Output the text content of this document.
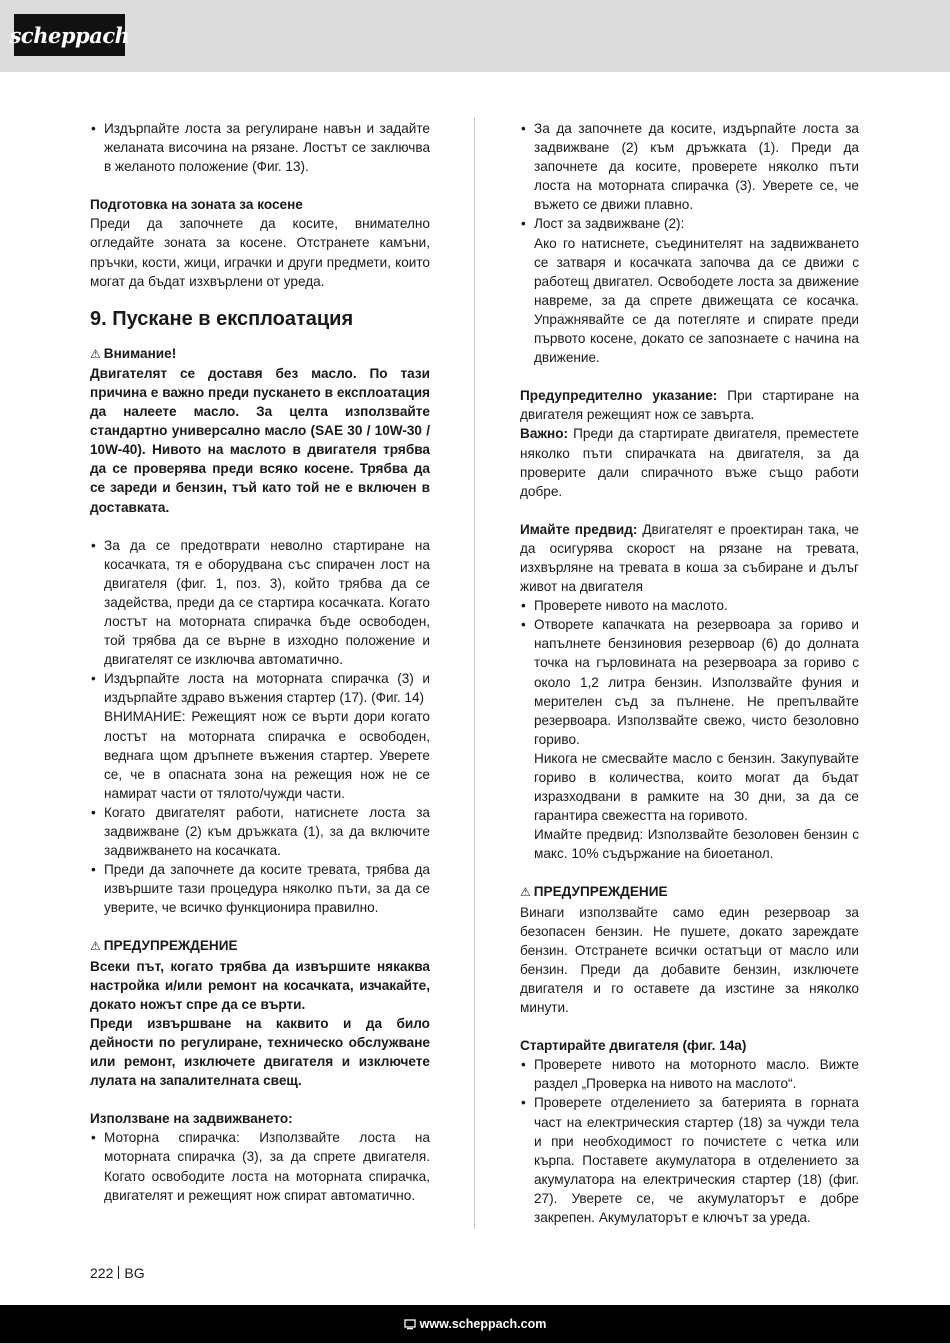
scheppach
• Издърпайте лоста за регулиране навън и задайте желаната височина на рязане. Лостът се заключва в желаното положение (Фиг. 13).

Подготовка на зоната за косене

Преди да започнете да косите, внимателно огледайте зоната за косене. Отстранете камъни, пръчки, кости, жици, играчки и други предмети, които могат да бъдат изхвърлени от уреда.

9. Пускане в експлоатация

⚠ Внимание!

Двигателят се доставя без масло. По тази причина е важно преди пускането в експлоатация да налеете масло. За целта използвайте стандартно универсално масло (SAE 30 / 10W-30 / 10W-40). Нивото на маслото в двигателя трябва да се проверява преди всяко косене. Трябва да се зареди и бензин, тъй като той не е включен в доставката.

• За да се предотврати неволно стартиране на косачката, тя е оборудвана със спирачен лост на двигателя (фиг. 1, поз. 3), който трябва да се задейства, преди да се стартира косачката. Когато лостът на моторната спирачка бъде освободен, той трябва да се върне в изходно положение и двигателят се изключва автоматично.
• Издърпайте лоста на моторната спирачка (3) и издърпайте здраво въжения стартер (17). (Фиг. 14)
ВНИМАНИЕ: Режещият нож се върти дори когато лостът на моторната спирачка е освободен, веднага щом дръпнете въжения стартер. Уверете се, че в опасната зона на режещия нож не се намират части от тялото/чужди части.
• Когато двигателят работи, натиснете лоста за задвижване (2) към дръжката (1), за да включите задвижването на косачката.
• Преди да започнете да косите тревата, трябва да извършите тази процедура няколко пъти, за да се уверите, че всичко функционира правилно.

⚠ ПРЕДУПРЕЖДЕНИЕ

Всеки път, когато трябва да извършите някаква настройка и/или ремонт на косачката, изчакайте, докато ножът спре да се върти.

Преди извършване на каквито и да било дейности по регулиране, техническо обслужване или ремонт, изключете двигателя и изключете лулата на запалителната свещ.

Използване на задвижването:

• Моторна спирачка: Използвайте лоста на моторната спирачка (3), за да спрете двигателя. Когато освободите лоста на моторната спирачка, двигателят и режещият нож спират автоматично.
• За да започнете да косите, издърпайте лоста за задвижване (2) към дръжката (1). Преди да започнете да косите, проверете няколко пъти лоста на моторната спирачка (3). Уверете се, че въжето се движи плавно.
• Лост за задвижване (2):
Ако го натиснете, съединителят на задвижването се затваря и косачката започва да се движи с работещ двигател. Освободете лоста за движение навреме, за да спрете движещата се косачка. Упражнявайте се да потегляте и спирате преди първото косене, докато се запознаете с начина на движение.

Предупредително указание: При стартиране на двигателя режещият нож се завърта.

Важно: Преди да стартирате двигателя, преместете няколко пъти спирачката на двигателя, за да проверите дали спирачното въже също работи добре.

Имайте предвид: Двигателят е проектиран така, че да осигурява скорост на рязане на тревата, изхвърляне на тревата в коша за събиране и дълъг живот на двигателя

• Проверете нивото на маслото.
• Отворете капачката на резервоара за гориво и напълнете бензиновия резервоар (6) до долната точка на гърловината на резервоара за гориво с около 1,2 литра бензин. Използвайте фуния и мерителен съд за пълнене. Не препълвайте резервоара. Използвайте свежо, чисто безоловно гориво.
Никога не смесвайте масло с бензин. Закупувайте гориво в количества, които могат да бъдат изразходвани в рамките на 30 дни, за да се гарантира свежестта на горивото.
Имайте предвид: Използвайте безоловен бензин с макс. 10% съдържание на биоетанол.

⚠ ПРЕДУПРЕЖДЕНИЕ

Винаги използвайте само един резервоар за безопасен бензин. Не пушете, докато зареждате бензин. Отстранете всички остатъци от масло или бензин. Преди да добавите бензин, изключете двигателя и го оставете да изстине за няколко минути.

Стартирайте двигателя (фиг. 14a)

• Проверете нивото на моторното масло. Вижте раздел „Проверка на нивото на маслото“.
• Проверете отделението за батерията в горната част на електрическия стартер (18) за чужди тела и при необходимост го почистете с четка или кърпа. Поставете акумулатора в отделението за акумулатора на електрическия стартер (18) (фиг. 27). Уверете се, че акумулаторът е добре закрепен. Акумулаторът е ключът за уреда.
222 BG
www.scheppach.com
